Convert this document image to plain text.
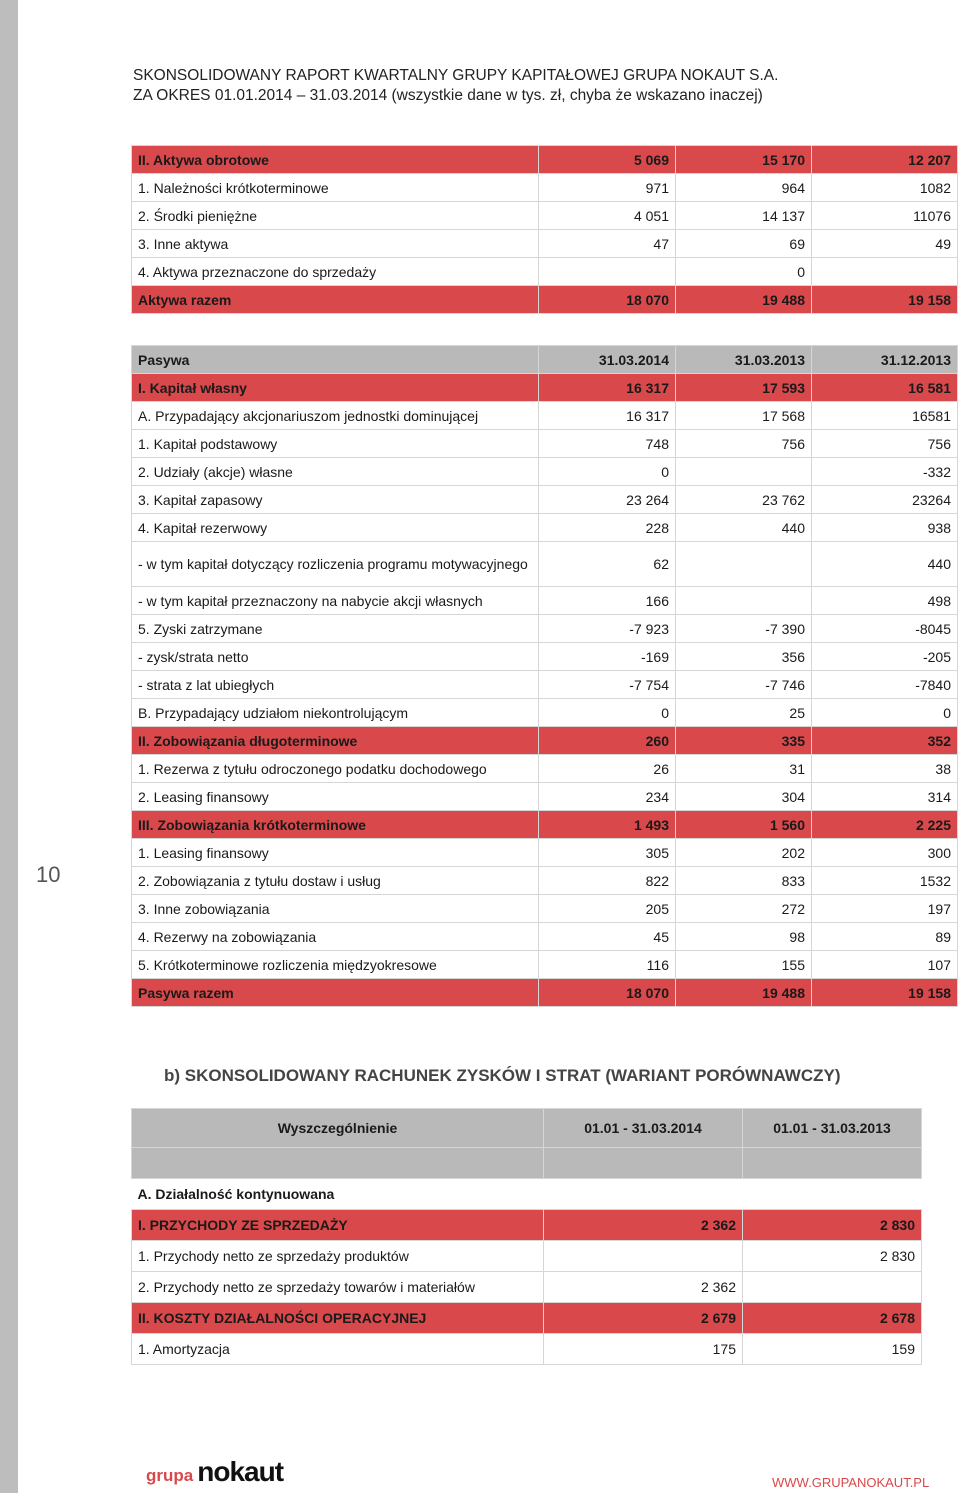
10
SKONSOLIDOWANY RAPORT KWARTALNY GRUPY KAPITAŁOWEJ GRUPA NOKAUT S.A.
ZA OKRES 01.01.2014 – 31.03.2014 (wszystkie dane w tys. zł, chyba że wskazano inaczej)
II. Aktywa obrotowe	5 069	15 170	12 207
1. Należności krótkoterminowe	971	964	1082
2. Środki pieniężne	4 051	14 137	11076
3. Inne aktywa	47	69	49
4. Aktywa przeznaczone do sprzedaży		0	
Aktywa razem	18 070	19 488	19 158
Pasywa	31.03.2014	31.03.2013	31.12.2013
I. Kapitał własny	16 317	17 593	16 581
A. Przypadający akcjonariuszom jednostki dominującej	16 317	17 568	16581
1. Kapitał podstawowy	748	756	756
2. Udziały (akcje) własne	0		-332
3. Kapitał zapasowy	23 264	23 762	23264
4. Kapitał rezerwowy	228	440	938
- w tym kapitał dotyczący rozliczenia programu motywacyjnego	62		440
- w tym kapitał przeznaczony na nabycie akcji własnych	166		498
5. Zyski zatrzymane	-7 923	-7 390	-8045
- zysk/strata netto	-169	356	-205
- strata z lat ubiegłych	-7 754	-7 746	-7840
B. Przypadający udziałom niekontrolującym	0	25	0
II. Zobowiązania długoterminowe	260	335	352
1. Rezerwa z tytułu odroczonego podatku dochodowego	26	31	38
2. Leasing finansowy	234	304	314
III. Zobowiązania krótkoterminowe	1 493	1 560	2 225
1. Leasing finansowy	305	202	300
2. Zobowiązania z tytułu dostaw i usług	822	833	1532
3. Inne zobowiązania	205	272	197
4. Rezerwy na zobowiązania	45	98	89
5. Krótkoterminowe rozliczenia międzyokresowe	116	155	107
Pasywa razem	18 070	19 488	19 158
b) SKONSOLIDOWANY RACHUNEK ZYSKÓW I STRAT (WARIANT PORÓWNAWCZY)
Wyszczególnienie	01.01 - 31.03.2014	01.01 - 31.03.2013

A. Działalność kontynuowana		
I. PRZYCHODY ZE SPRZEDAŻY	2 362	2 830
1. Przychody netto ze sprzedaży produktów		2 830
2. Przychody netto ze sprzedaży towarów i materiałów	2 362	
II. KOSZTY DZIAŁALNOŚCI OPERACYJNEJ	2 679	2 678
1. Amortyzacja	175	159
grupa nokaut	WWW.GRUPANOKAUT.PL
